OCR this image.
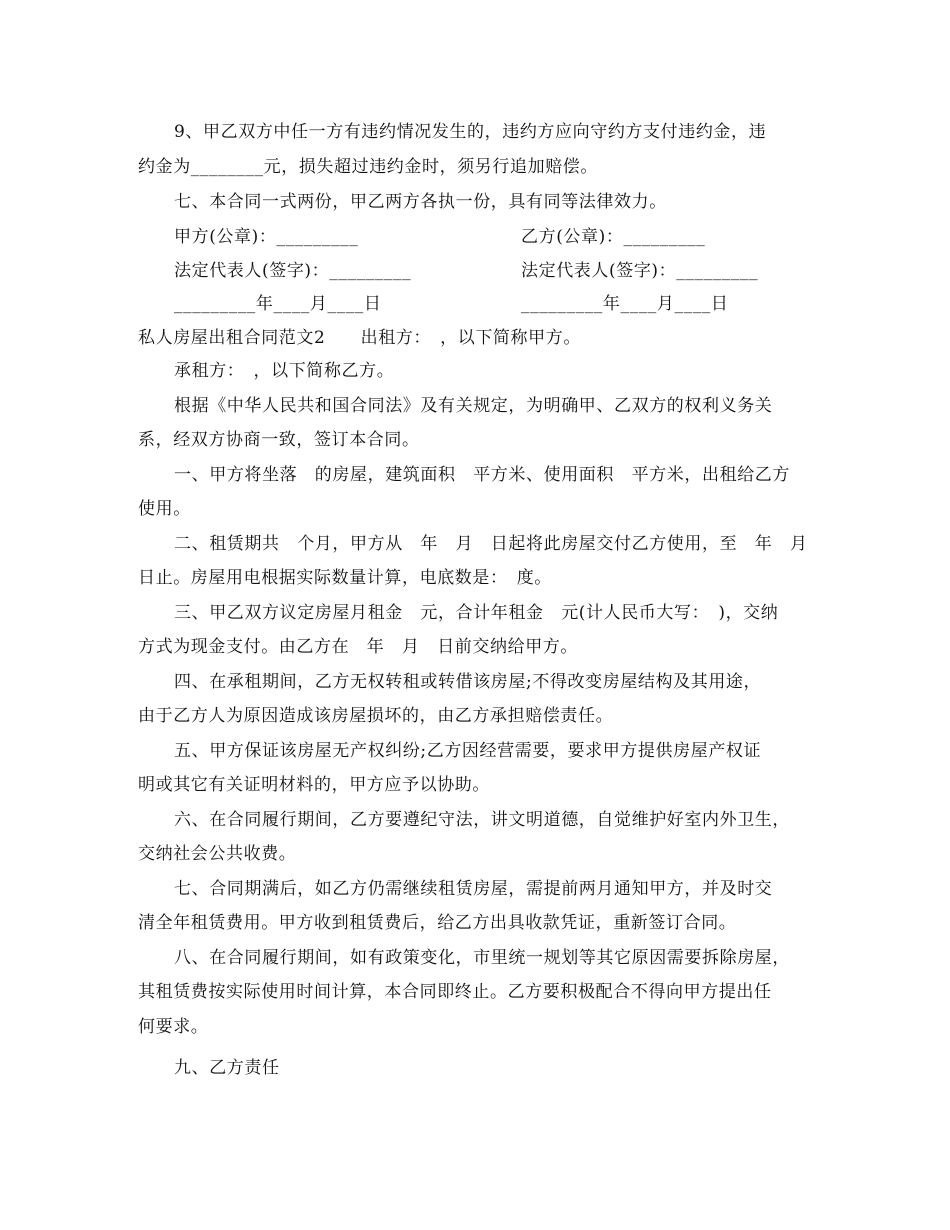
9、甲乙双方中任一方有违约情况发生的，违约方应向守约方支付违约金，违
约金为________元，损失超过违约金时，须另行追加赔偿。
七、本合同一式两份，甲乙两方各执一份，具有同等法律效力。
甲方(公章)：_________	乙方(公章)：_________
法定代表人(签字)：_________	法定代表人(签字)：_________
_________年____月____日	_________年____月____日
私人房屋出租合同范文2　　出租方：　，以下简称甲方。
承租方：　，以下简称乙方。
根据《中华人民共和国合同法》及有关规定，为明确甲、乙双方的权利义务关
系，经双方协商一致，签订本合同。
一、甲方将坐落　的房屋，建筑面积　平方米、使用面积　平方米，出租给乙方
使用。
二、租赁期共　个月，甲方从　年　月　日起将此房屋交付乙方使用，至　年　月
日止。房屋用电根据实际数量计算，电底数是：　度。
三、甲乙双方议定房屋月租金　元，合计年租金　元(计人民币大写：　)，交纳
方式为现金支付。由乙方在　年　月　日前交纳给甲方。
四、在承租期间，乙方无权转租或转借该房屋;不得改变房屋结构及其用途，
由于乙方人为原因造成该房屋损坏的，由乙方承担赔偿责任。
五、甲方保证该房屋无产权纠纷;乙方因经营需要，要求甲方提供房屋产权证
明或其它有关证明材料的，甲方应予以协助。
六、在合同履行期间，乙方要遵纪守法，讲文明道德，自觉维护好室内外卫生，
交纳社会公共收费。
七、合同期满后，如乙方仍需继续租赁房屋，需提前两月通知甲方，并及时交
清全年租赁费用。甲方收到租赁费后，给乙方出具收款凭证，重新签订合同。
八、在合同履行期间，如有政策变化，市里统一规划等其它原因需要拆除房屋，
其租赁费按实际使用时间计算，本合同即终止。乙方要积极配合不得向甲方提出任
何要求。
九、乙方责任
